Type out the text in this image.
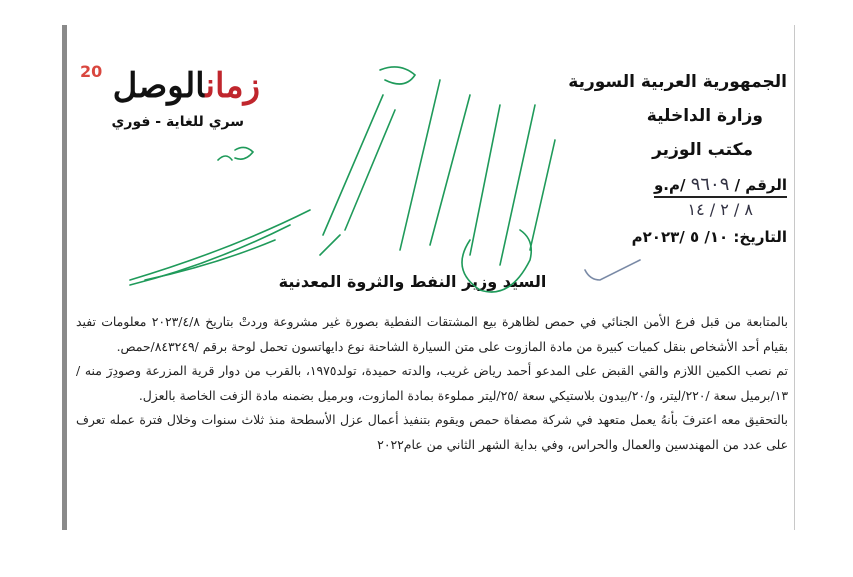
20	زمانالوصل
سري للغاية - فوري
الجمهورية العربية السورية
وزارة الداخلية
مكتب الوزير
الرقم / ٩٦٠٩ /م.و
٨ / ٢ / ١٤
التاريخ: ١٠/ ٥ /٢٠٢٣م
السيد وزير النفط والثروة المعدنية

بالمتابعة من قبل فرع الأمن الجنائي في حمص لظاهرة بيع المشتقات النفطية بصورة غير مشروعة وردتْ بتاريخ ٢٠٢٣/٤/٨ معلومات تفيد بقيام أحد الأشخاص بنقل كميات كبيرة من مادة المازوت على متن السيارة الشاحنة نوع دايهاتسون تحمل لوحة برقم /٨٤٣٢٤٩/حمص.

تم نصب الكمين اللازم والقي القبض على المدعو أحمد رياض غريب، والدته حميدة، تولد١٩٧٥، بالقرب من دوار قرية المزرعة وصودِرَ منه /١٣/برميل سعة /٢٢٠/ليتر، و/٢٠/بيدون بلاستيكي سعة /٢٥/ليتر مملوءة بمادة المازوت، وبرميل بضمنه مادة الزفت الخاصة بالعزل.

بالتحقيق معه اعترفَ بأنهُ يعمل متعهد في شركة مصفاة حمص ويقوم بتنفيذ أعمال عزل الأسطحة منذ ثلاث سنوات وخلال فترة عمله تعرف على عدد من المهندسين والعمال والحراس، وفي بداية الشهر الثاني من عام٢٠٢٢
